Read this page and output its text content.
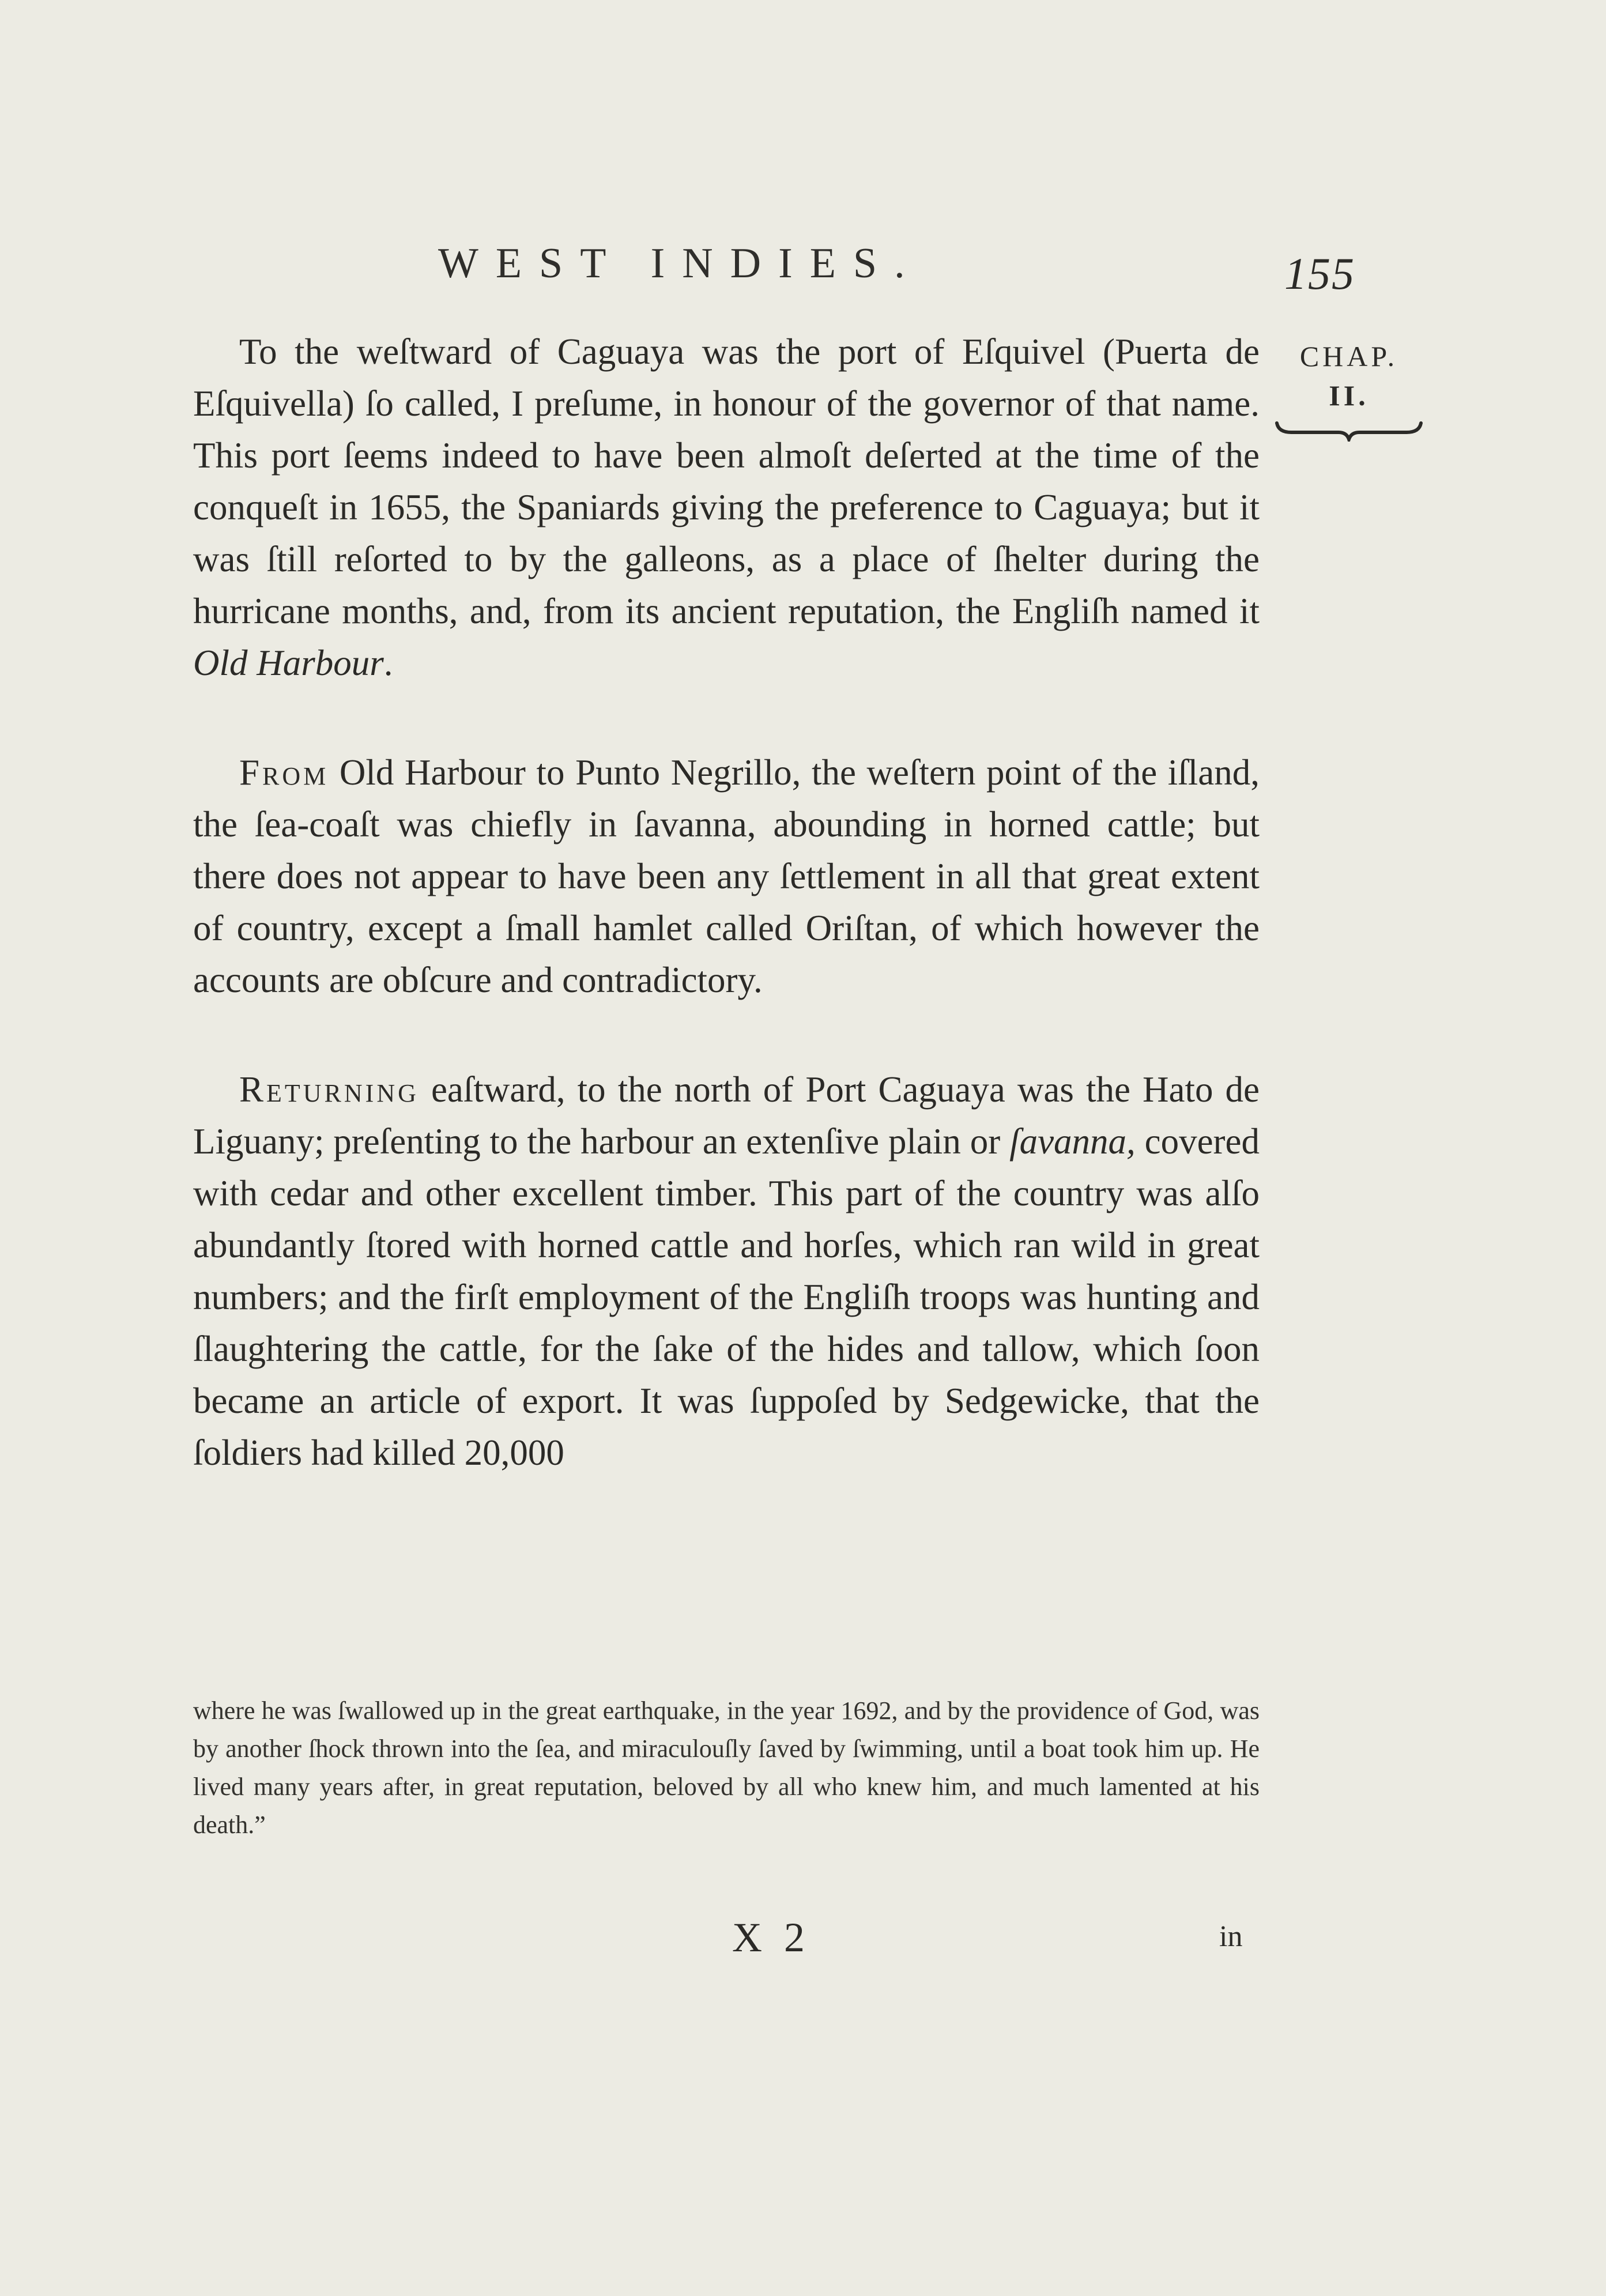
WEST INDIES.	155
CHAP.
II.

To the weſtward of Caguaya was the port of Eſquivel (Puerta de Eſquivella) ſo called, I preſume, in honour of the governor of that name. This port ſeems indeed to have been almoſt deſerted at the time of the conqueſt in 1655, the Spaniards giving the preference to Caguaya; but it was ſtill reſorted to by the galleons, as a place of ſhelter during the hurricane months, and, from its ancient reputation, the Engliſh named it Old Harbour.

From Old Harbour to Punto Negrillo, the weſtern point of the iſland, the ſea-coaſt was chiefly in ſavanna, abounding in horned cattle; but there does not appear to have been any ſettlement in all that great extent of country, except a ſmall hamlet called Oriſtan, of which however the accounts are obſcure and contradictory.

Returning eaſtward, to the north of Port Caguaya was the Hato de Liguany; preſenting to the harbour an extenſive plain or ſavanna, covered with cedar and other excellent timber. This part of the country was alſo abundantly ſtored with horned cattle and horſes, which ran wild in great numbers; and the firſt employment of the Engliſh troops was hunting and ſlaughtering the cattle, for the ſake of the hides and tallow, which ſoon became an article of export. It was ſuppoſed by Sedgewicke, that the ſoldiers had killed 20,000

where he was ſwallowed up in the great earthquake, in the year 1692, and by the providence of God, was by another ſhock thrown into the ſea, and miraculouſly ſaved by ſwimming, until a boat took him up. He lived many years after, in great reputation, beloved by all who knew him, and much lamented at his death.”

X 2	in
